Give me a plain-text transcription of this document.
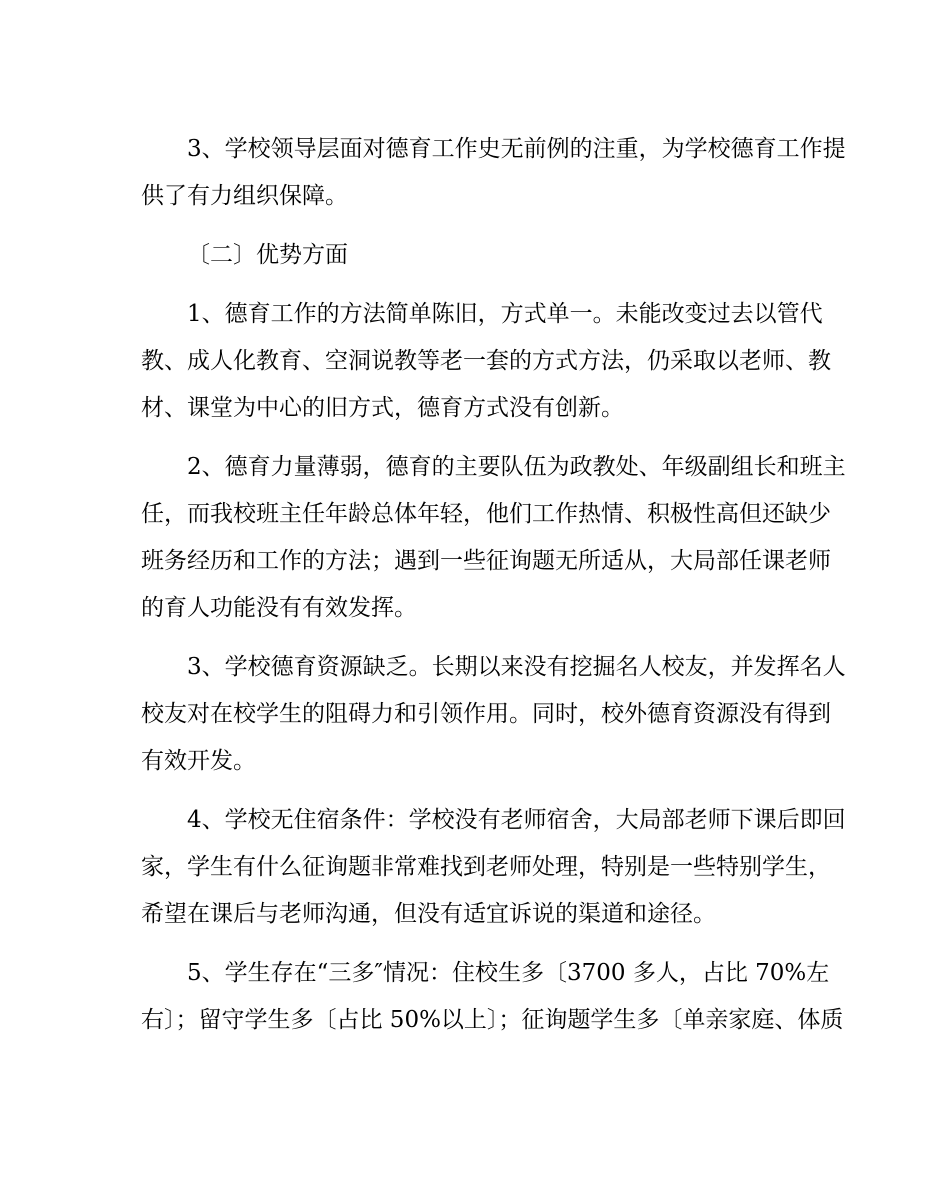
3、学校领导层面对德育工作史无前例的注重，为学校德育工作提
供了有力组织保障。
〔二〕优势方面
1、德育工作的方法简单陈旧，方式单一。未能改变过去以管代
教、成人化教育、空洞说教等老一套的方式方法，仍采取以老师、教
材、课堂为中心的旧方式，德育方式没有创新。
2、德育力量薄弱，德育的主要队伍为政教处、年级副组长和班主
任，而我校班主任年龄总体年轻，他们工作热情、积极性高但还缺少
班务经历和工作的方法；遇到一些征询题无所适从，大局部任课老师
的育人功能没有有效发挥。
3、学校德育资源缺乏。长期以来没有挖掘名人校友，并发挥名人
校友对在校学生的阻碍力和引领作用。同时，校外德育资源没有得到
有效开发。
4、学校无住宿条件：学校没有老师宿舍，大局部老师下课后即回
家，学生有什么征询题非常难找到老师处理，特别是一些特别学生，
希望在课后与老师沟通，但没有适宜诉说的渠道和途径。
5、学生存在“三多″情况：住校生多〔3700 多人，占比 70%左
右〕；留守学生多〔占比 50%以上〕；征询题学生多〔单亲家庭、体质
